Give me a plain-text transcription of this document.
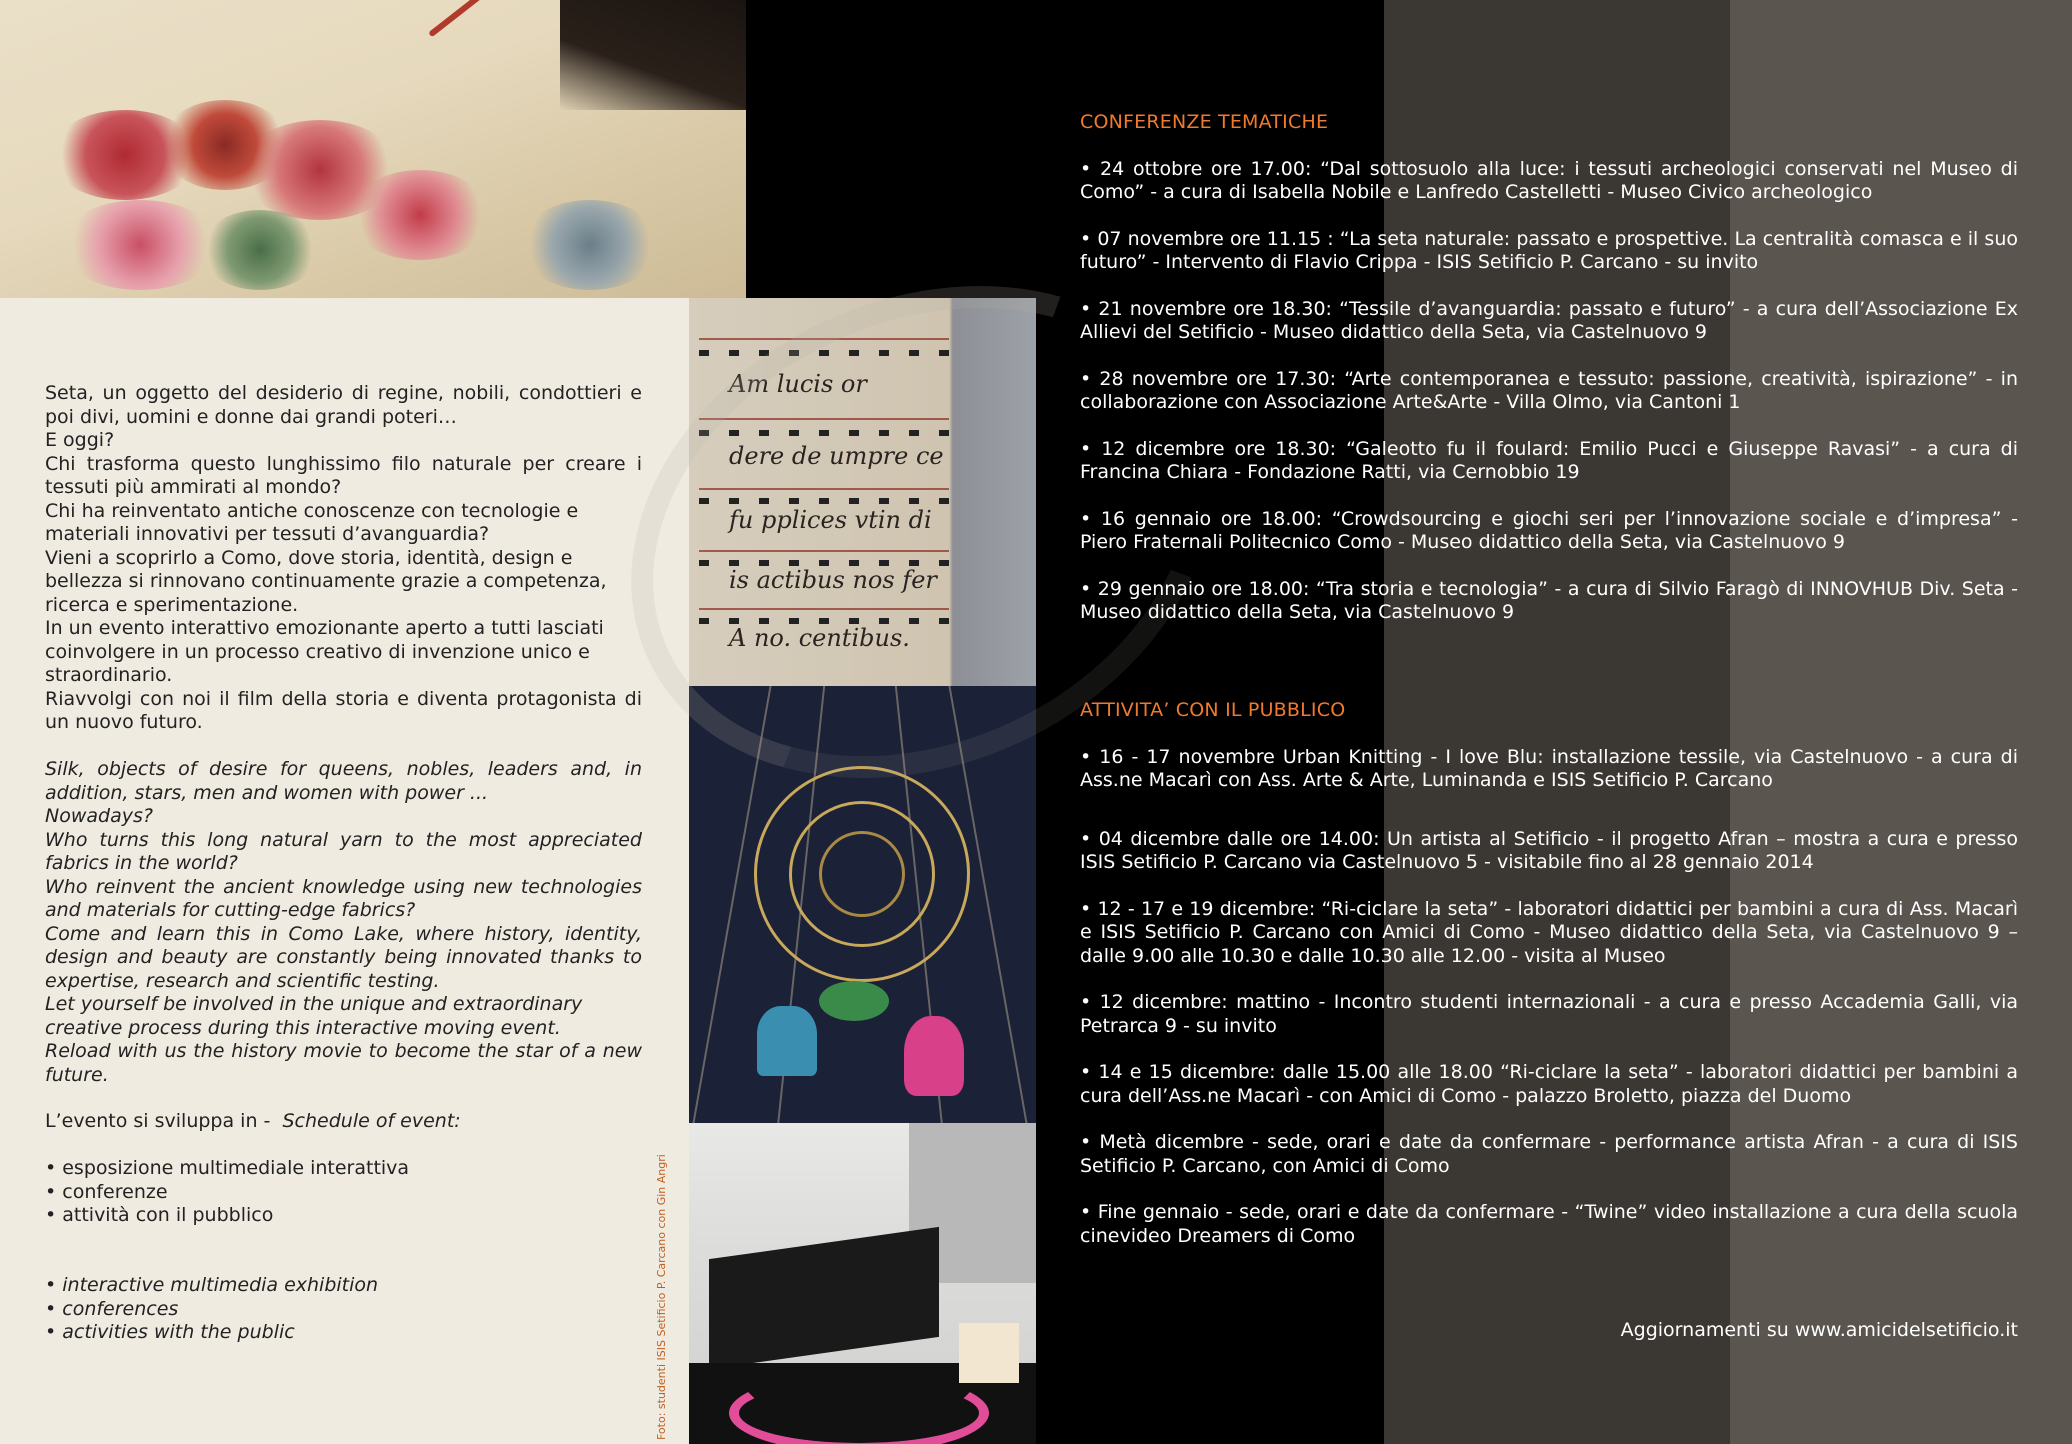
Seta, un oggetto del desiderio di regine, nobili, condottieri e poi divi, uomini e donne dai grandi poteri…
E oggi?
Chi trasforma questo lunghissimo filo naturale per creare i tessuti più ammirati al mondo?
Chi ha reinventato antiche conoscenze con tecnologie e materiali innovativi per tessuti d’avanguardia?
Vieni a scoprirlo a Como, dove storia, identità, design e bellezza si rinnovano continuamente grazie a competenza, ricerca e sperimentazione.
In un evento interattivo emozionante aperto a tutti lasciati coinvolgere in un processo creativo di invenzione unico e straordinario.
Riavvolgi con noi il film della storia e diventa protagonista di un nuovo futuro.
Silk, objects of desire for queens, nobles, leaders and, in addition, stars, men and women with power ...
Nowadays?
Who turns this long natural yarn to the most appreciated fabrics in the world?
Who reinvent the ancient knowledge using new technologies and materials for cutting-edge fabrics?
Come and learn this in Como Lake, where history, identity, design and beauty are constantly being innovated thanks to expertise, research and scientific testing.
Let yourself be involved in the unique and extraordinary creative process during this interactive moving event.
Reload with us the history movie to become the star of a new future.
L’evento si sviluppa in - Schedule of event:
• esposizione multimediale interattiva
• conferenze
• attività con il pubblico
• interactive multimedia exhibition
• conferences
• activities with the public
Am lucis or
dere de umpre ce
fu pplices vtin di
is actibus nos fer
A no. centibus.
Foto: studenti ISIS Setificio P. Carcano con Gin Angri
CONFERENZE TEMATICHE
• 24 ottobre ore 17.00: “Dal sottosuolo alla luce: i tessuti archeologici conservati nel Museo di Como” - a cura di Isabella Nobile e Lanfredo Castelletti - Museo Civico archeologico
• 07 novembre ore 11.15 : “La seta naturale: passato e prospettive. La centralità comasca e il suo futuro” - Intervento di Flavio Crippa - ISIS Setificio P. Carcano - su invito
• 21 novembre ore 18.30: “Tessile d’avanguardia: passato e futuro” - a cura dell’Associazione Ex Allievi del Setificio - Museo didattico della Seta, via Castelnuovo 9
• 28 novembre ore 17.30: “Arte contemporanea e tessuto: passione, creatività, ispirazione” - in collaborazione con Associazione Arte&Arte - Villa Olmo, via Cantoni 1
• 12 dicembre ore 18.30: “Galeotto fu il foulard: Emilio Pucci e Giuseppe Ravasi” - a cura di Francina Chiara - Fondazione Ratti, via Cernobbio 19
• 16 gennaio ore 18.00: “Crowdsourcing e giochi seri per l’innovazione sociale e d’impresa” - Piero Fraternali Politecnico Como - Museo didattico della Seta, via Castelnuovo 9
• 29 gennaio ore 18.00: “Tra storia e tecnologia” - a cura di Silvio Faragò di INNOVHUB Div. Seta - Museo didattico della Seta, via Castelnuovo 9
ATTIVITA’ CON IL PUBBLICO
• 16 - 17 novembre Urban Knitting - I love Blu: installazione tessile, via Castelnuovo - a cura di Ass.ne Macarì con Ass. Arte & Arte, Luminanda e ISIS Setificio P. Carcano
• 04 dicembre dalle ore 14.00: Un artista al Setificio - il progetto Afran – mostra a cura e presso ISIS Setificio P. Carcano via Castelnuovo 5 - visitabile fino al 28 gennaio 2014
• 12 - 17 e 19 dicembre: “Ri-ciclare la seta” - laboratori didattici per bambini a cura di Ass. Macarì e ISIS Setificio P. Carcano con Amici di Como - Museo didattico della Seta, via Castelnuovo 9 – dalle 9.00 alle 10.30 e dalle 10.30 alle 12.00 - visita al Museo
• 12 dicembre: mattino - Incontro studenti internazionali - a cura e presso Accademia Galli, via Petrarca 9 - su invito
• 14 e 15 dicembre: dalle 15.00 alle 18.00 “Ri-ciclare la seta” - laboratori didattici per bambini a cura dell’Ass.ne Macarì - con Amici di Como - palazzo Broletto, piazza del Duomo
• Metà dicembre - sede, orari e date da confermare - performance artista Afran - a cura di ISIS Setificio P. Carcano, con Amici di Como
• Fine gennaio - sede, orari e date da confermare - “Twine” video installazione a cura della scuola cinevideo Dreamers di Como
Aggiornamenti su www.amicidelsetificio.it
